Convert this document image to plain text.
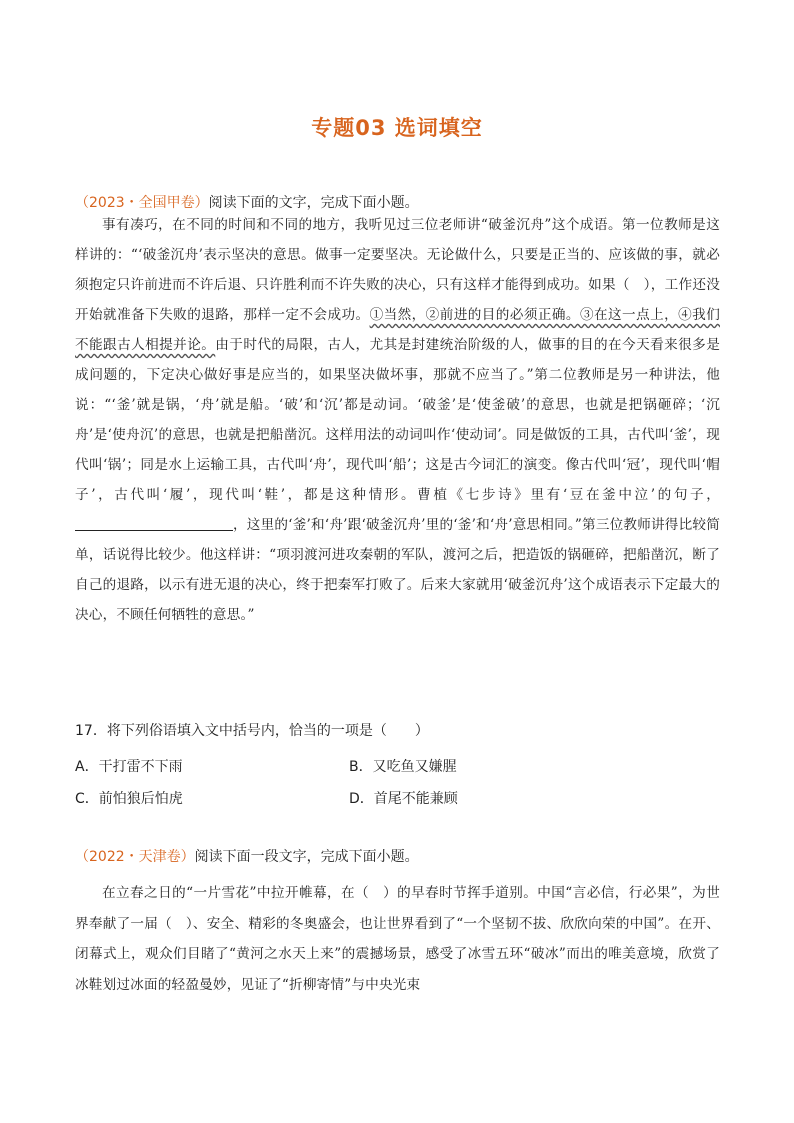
专题03 选词填空
（2023・全国甲卷）阅读下面的文字，完成下面小题。

事有凑巧，在不同的时间和不同的地方，我听见过三位老师讲“破釜沉舟”这个成语。第一位教师是这样讲的：“‘破釜沉舟’表示坚决的意思。做事一定要坚决。无论做什么，只要是正当的、应该做的事，就必须抱定只许前进而不许后退、只许胜利而不许失败的决心，只有这样才能得到成功。如果（　），工作还没开始就准备下失败的退路，那样一定不会成功。①当然，②前进的目的必须正确。③在这一点上，④我们不能跟古人相提并论。由于时代的局限，古人，尤其是封建统治阶级的人，做事的目的在今天看来很多是成问题的，下定决心做好事是应当的，如果坚决做坏事，那就不应当了。”第二位教师是另一种讲法，他说：“‘釜’就是锅，‘舟’就是船。‘破’和‘沉’都是动词。‘破釜’是‘使釜破’的意思，也就是把锅砸碎；‘沉舟’是‘使舟沉’的意思，也就是把船凿沉。这样用法的动词叫作‘使动词’。同是做饭的工具，古代叫‘釜’，现代叫‘锅’；同是水上运输工具，古代叫‘舟’，现代叫‘船’；这是古今词汇的演变。像古代叫‘冠’，现代叫‘帽子’，古代叫‘履’，现代叫‘鞋’，都是这种情形。曹植《七步诗》里有‘豆在釜中泣’的句子，，这里的‘釜’和‘舟’跟‘破釜沉舟’里的‘釜’和‘舟’意思相同。”第三位教师讲得比较简单，话说得比较少。他这样讲：“项羽渡河进攻秦朝的军队，渡河之后，把造饭的锅砸碎，把船凿沉，断了自己的退路，以示有进无退的决心，终于把秦军打败了。后来大家就用‘破釜沉舟’这个成语表示下定最大的决心，不顾任何牺牲的意思。”

17．将下列俗语填入文中括号内，恰当的一项是（　　）
A．干打雷不下雨	B．又吃鱼又嫌腥
C．前怕狼后怕虎	D．首尾不能兼顾
（2022・天津卷）阅读下面一段文字，完成下面小题。

在立春之日的“一片雪花”中拉开帷幕，在（　）的早春时节挥手道别。中国“言必信，行必果”，为世界奉献了一届（　）、安全、精彩的冬奥盛会，也让世界看到了“一个坚韧不拔、欣欣向荣的中国”。在开、闭幕式上，观众们目睹了“黄河之水天上来”的震撼场景，感受了冰雪五环“破冰”而出的唯美意境，欣赏了冰鞋划过冰面的轻盈曼妙，见证了“折柳寄情”与中央光束
